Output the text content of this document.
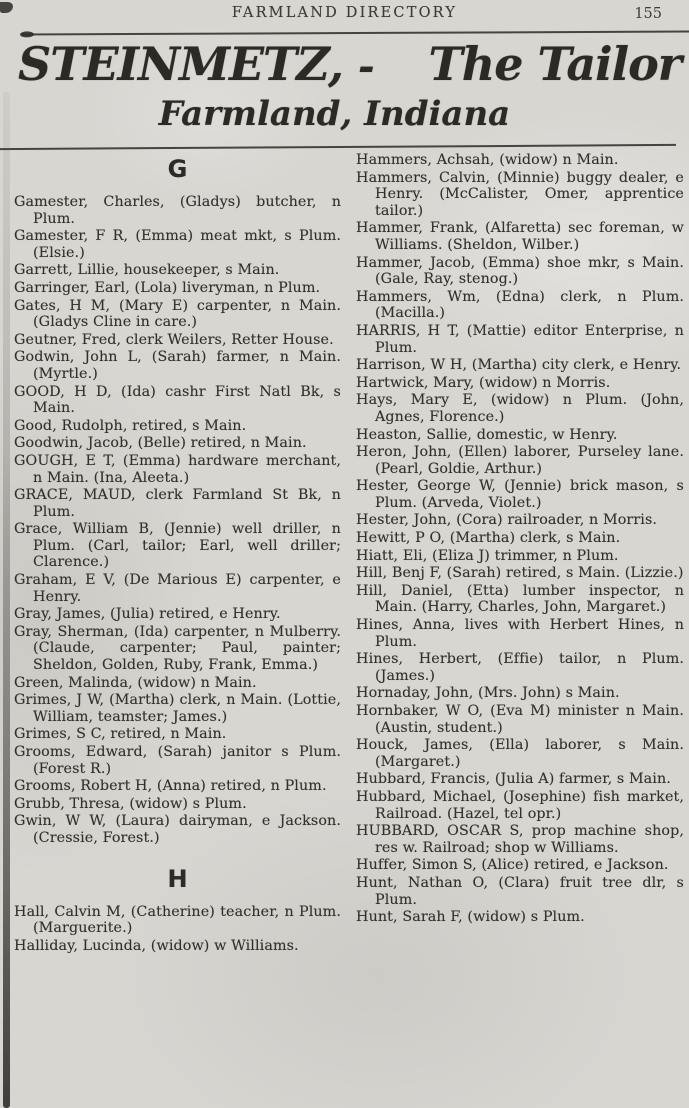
FARMLAND DIRECTORY	155
STEINMETZ, -	The Tailor
Farmland, Indiana
G

Gamester, Charles, (Gladys) butcher, n Plum.

Gamester, F R, (Emma) meat mkt, s Plum. (Elsie.)

Garrett, Lillie, housekeeper, s Main.

Garringer, Earl, (Lola) liveryman, n Plum.

Gates, H M, (Mary E) carpenter, n Main. (Gladys Cline in care.)

Geutner, Fred, clerk Weilers, Retter House.

Godwin, John L, (Sarah) farmer, n Main. (Myrtle.)

GOOD, H D, (Ida) cashr First Natl Bk, s Main.

Good, Rudolph, retired, s Main.

Goodwin, Jacob, (Belle) retired, n Main.

GOUGH, E T, (Emma) hardware merchant, n Main. (Ina, Aleeta.)

GRACE, MAUD, clerk Farmland St Bk, n Plum.

Grace, William B, (Jennie) well driller, n Plum. (Carl, tailor; Earl, well driller; Clarence.)

Graham, E V, (De Marious E) carpenter, e Henry.

Gray, James, (Julia) retired, e Henry.

Gray, Sherman, (Ida) carpenter, n Mulberry. (Claude, carpenter; Paul, painter; Sheldon, Golden, Ruby, Frank, Emma.)

Green, Malinda, (widow) n Main.

Grimes, J W, (Martha) clerk, n Main. (Lottie, William, teamster; James.)

Grimes, S C, retired, n Main.

Grooms, Edward, (Sarah) janitor s Plum. (Forest R.)

Grooms, Robert H, (Anna) retired, n Plum.

Grubb, Thresa, (widow) s Plum.

Gwin, W W, (Laura) dairyman, e Jackson. (Cressie, Forest.)

H

Hall, Calvin M, (Catherine) teacher, n Plum. (Marguerite.)

Halliday, Lucinda, (widow) w Williams.

Hammers, Achsah, (widow) n Main.

Hammers, Calvin, (Minnie) buggy dealer, e Henry. (McCalister, Omer, apprentice tailor.)

Hammer, Frank, (Alfaretta) sec foreman, w Williams. (Sheldon, Wilber.)

Hammer, Jacob, (Emma) shoe mkr, s Main. (Gale, Ray, stenog.)

Hammers, Wm, (Edna) clerk, n Plum. (Macilla.)

HARRIS, H T, (Mattie) editor Enterprise, n Plum.

Harrison, W H, (Martha) city clerk, e Henry.

Hartwick, Mary, (widow) n Morris.

Hays, Mary E, (widow) n Plum. (John, Agnes, Florence.)

Heaston, Sallie, domestic, w Henry.

Heron, John, (Ellen) laborer, Purseley lane. (Pearl, Goldie, Arthur.)

Hester, George W, (Jennie) brick mason, s Plum. (Arveda, Violet.)

Hester, John, (Cora) railroader, n Morris.

Hewitt, P O, (Martha) clerk, s Main.

Hiatt, Eli, (Eliza J) trimmer, n Plum.

Hill, Benj F, (Sarah) retired, s Main. (Lizzie.)

Hill, Daniel, (Etta) lumber inspector, n Main. (Harry, Charles, John, Margaret.)

Hines, Anna, lives with Herbert Hines, n Plum.

Hines, Herbert, (Effie) tailor, n Plum. (James.)

Hornaday, John, (Mrs. John) s Main.

Hornbaker, W O, (Eva M) minister n Main. (Austin, student.)

Houck, James, (Ella) laborer, s Main. (Margaret.)

Hubbard, Francis, (Julia A) farmer, s Main.

Hubbard, Michael, (Josephine) fish market, Railroad. (Hazel, tel opr.)

HUBBARD, OSCAR S, prop machine shop, res w. Railroad; shop w Williams.

Huffer, Simon S, (Alice) retired, e Jackson.

Hunt, Nathan O, (Clara) fruit tree dlr, s Plum.

Hunt, Sarah F, (widow) s Plum.
